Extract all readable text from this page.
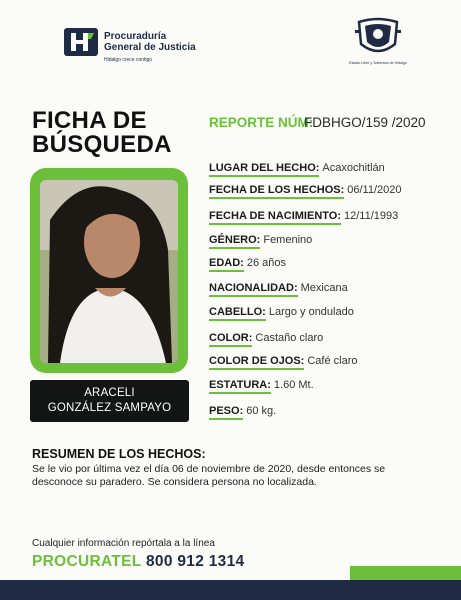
Procuraduría
General de Justicia
Hidalgo crece contigo	Estado Libre y Soberano de Hidalgo
FICHA DE
BÚSQUEDA
REPORTE NÚM:
FDBHGO/159 /2020
ARACELI
GONZÁLEZ SAMPAYO
LUGAR DEL HECHO: Acaxochitlán
FECHA DE LOS HECHOS: 06/11/2020
FECHA DE NACIMIENTO: 12/11/1993
GÉNERO: Femenino
EDAD: 26 años
NACIONALIDAD: Mexicana
CABELLO: Largo y ondulado
COLOR: Castaño claro
COLOR DE OJOS: Café claro
ESTATURA: 1.60 Mt.
PESO: 60 kg.
RESUMEN DE LOS HECHOS:
Se le vio por última vez el día 06 de noviembre de 2020, desde entonces se desconoce su paradero. Se considera persona no localizada.
Cualquier información repórtala a la línea
PROCURATEL 800 912 1314
